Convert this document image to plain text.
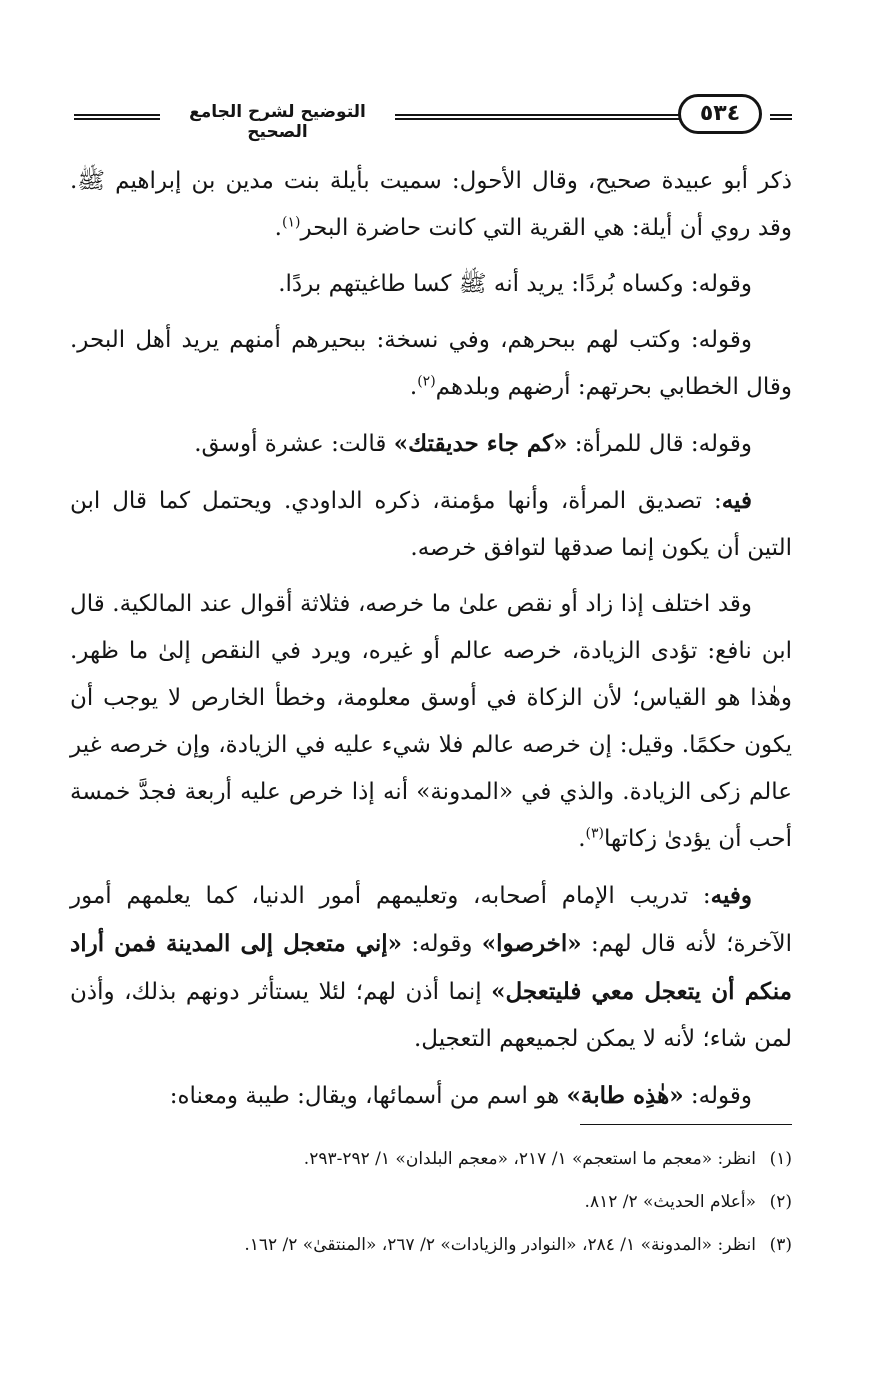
التوضيح لشرح الجامع الصحيح
٥٣٤

ذكر أبو عبيدة صحيح، وقال الأحول: سميت بأيلة بنت مدين بن إبراهيم ﷺ. وقد روي أن أيلة: هي القرية التي كانت حاضرة البحر$^{(١)}$.

وقوله: وكساه بُردًا: يريد أنه ﷺ كسا طاغيتهم بردًا.

وقوله: وكتب لهم ببحرهم، وفي نسخة: ببحيرهم أمنهم يريد أهل البحر. وقال الخطابي بحرتهم: أرضهم وبلدهم$^{(٢)}$.

وقوله: قال للمرأة: «كم جاء حديقتك» قالت: عشرة أوسق.

فيه: تصديق المرأة، وأنها مؤمنة، ذكره الداودي. ويحتمل كما قال ابن التين أن يكون إنما صدقها لتوافق خرصه.

وقد اختلف إذا زاد أو نقص علىٰ ما خرصه، فثلاثة أقوال عند المالكية. قال ابن نافع: تؤدى الزيادة، خرصه عالم أو غيره، ويرد في النقص إلىٰ ما ظهر. وهٰذا هو القياس؛ لأن الزكاة في أوسق معلومة، وخطأ الخارص لا يوجب أن يكون حكمًا. وقيل: إن خرصه عالم فلا شيء عليه في الزيادة، وإن خرصه غير عالم زكى الزيادة. والذي في «المدونة» أنه إذا خرص عليه أربعة فجدَّ خمسة أحب أن يؤدىٰ زكاتها$^{(٣)}$.

وفيه: تدريب الإمام أصحابه، وتعليمهم أمور الدنيا، كما يعلمهم أمور الآخرة؛ لأنه قال لهم: «اخرصوا» وقوله: «إني متعجل إلى المدينة فمن أراد منكم أن يتعجل معي فليتعجل» إنما أذن لهم؛ لئلا يستأثر دونهم بذلك، وأذن لمن شاء؛ لأنه لا يمكن لجميعهم التعجيل.

وقوله: «هٰذِه طابة» هو اسم من أسمائها، ويقال: طيبة ومعناه:

(١)انظر: «معجم ما استعجم» ١/ ٢١٧، «معجم البلدان» ١/ ٢٩٢-٢٩٣.
(٢)«أعلام الحديث» ٢/ ٨١٢.
(٣)انظر: «المدونة» ١/ ٢٨٤، «النوادر والزيادات» ٢/ ٢٦٧، «المنتقىٰ» ٢/ ١٦٢.
